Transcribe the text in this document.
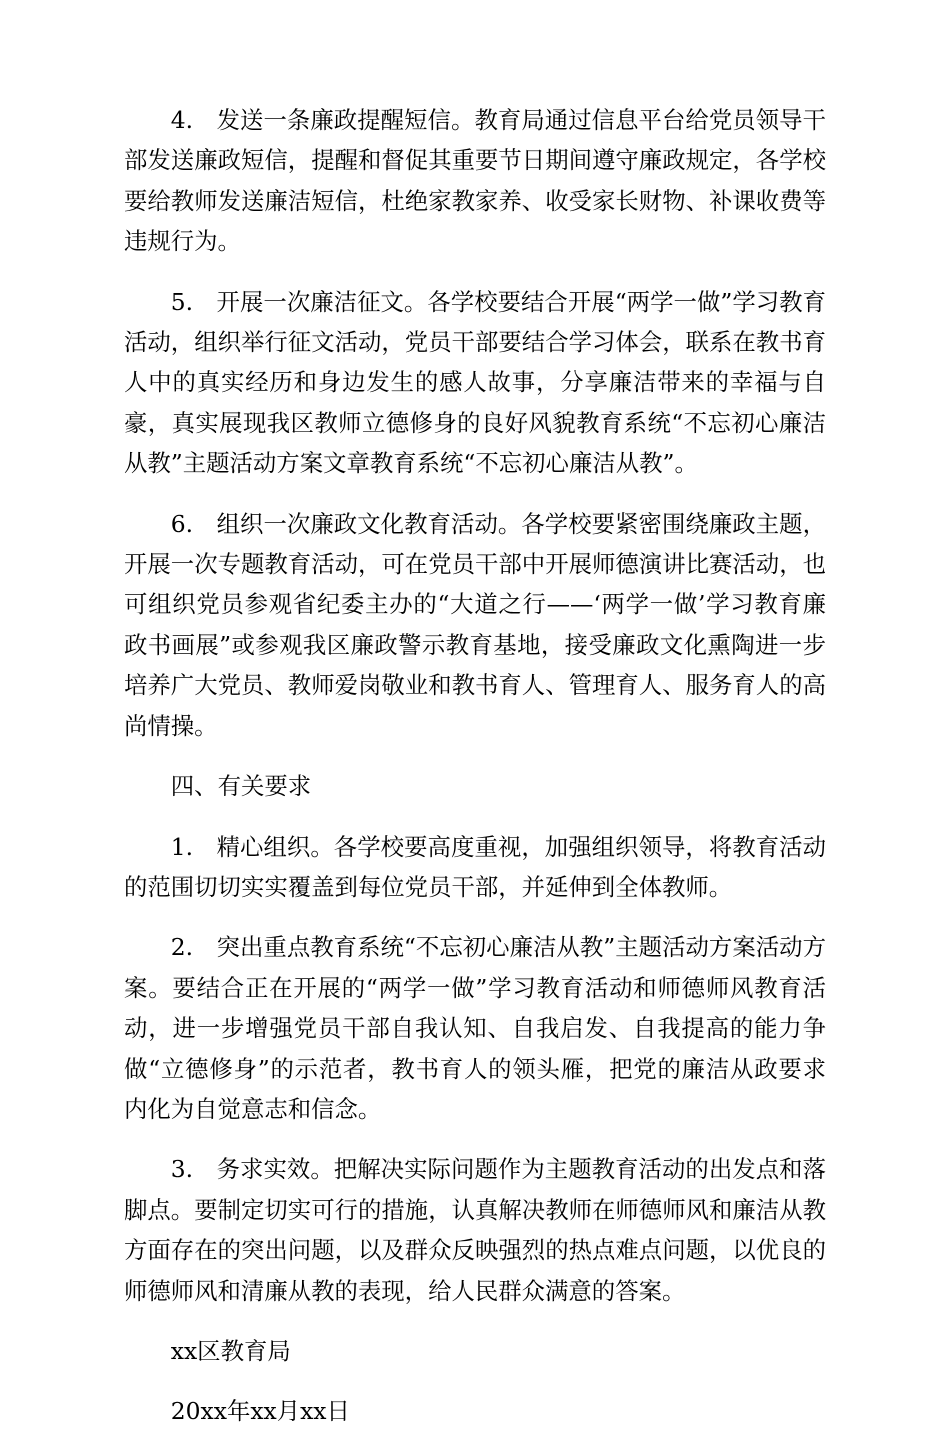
4.　发送一条廉政提醒短信。教育局通过信息平台给党员领导干部发送廉政短信，提醒和督促其重要节日期间遵守廉政规定，各学校要给教师发送廉洁短信，杜绝家教家养、收受家长财物、补课收费等违规行为。

5.　开展一次廉洁征文。各学校要结合开展“两学一做”学习教育活动，组织举行征文活动，党员干部要结合学习体会，联系在教书育人中的真实经历和身边发生的感人故事，分享廉洁带来的幸福与自豪，真实展现我区教师立德修身的良好风貌教育系统“不忘初心廉洁从教”主题活动方案文章教育系统“不忘初心廉洁从教”。

6.　组织一次廉政文化教育活动。各学校要紧密围绕廉政主题，开展一次专题教育活动，可在党员干部中开展师德演讲比赛活动，也可组织党员参观省纪委主办的“大道之行——‘两学一做’学习教育廉政书画展”或参观我区廉政警示教育基地，接受廉政文化熏陶进一步培养广大党员、教师爱岗敬业和教书育人、管理育人、服务育人的高尚情操。

四、有关要求

1.　精心组织。各学校要高度重视，加强组织领导，将教育活动的范围切切实实覆盖到每位党员干部，并延伸到全体教师。

2.　突出重点教育系统“不忘初心廉洁从教”主题活动方案活动方案。要结合正在开展的“两学一做”学习教育活动和师德师风教育活动，进一步增强党员干部自我认知、自我启发、自我提高的能力争做“立德修身”的示范者，教书育人的领头雁，把党的廉洁从政要求内化为自觉意志和信念。

3.　务求实效。把解决实际问题作为主题教育活动的出发点和落脚点。要制定切实可行的措施，认真解决教师在师德师风和廉洁从教方面存在的突出问题，以及群众反映强烈的热点难点问题，以优良的师德师风和清廉从教的表现，给人民群众满意的答案。

xx区教育局

20xx年xx月xx日
